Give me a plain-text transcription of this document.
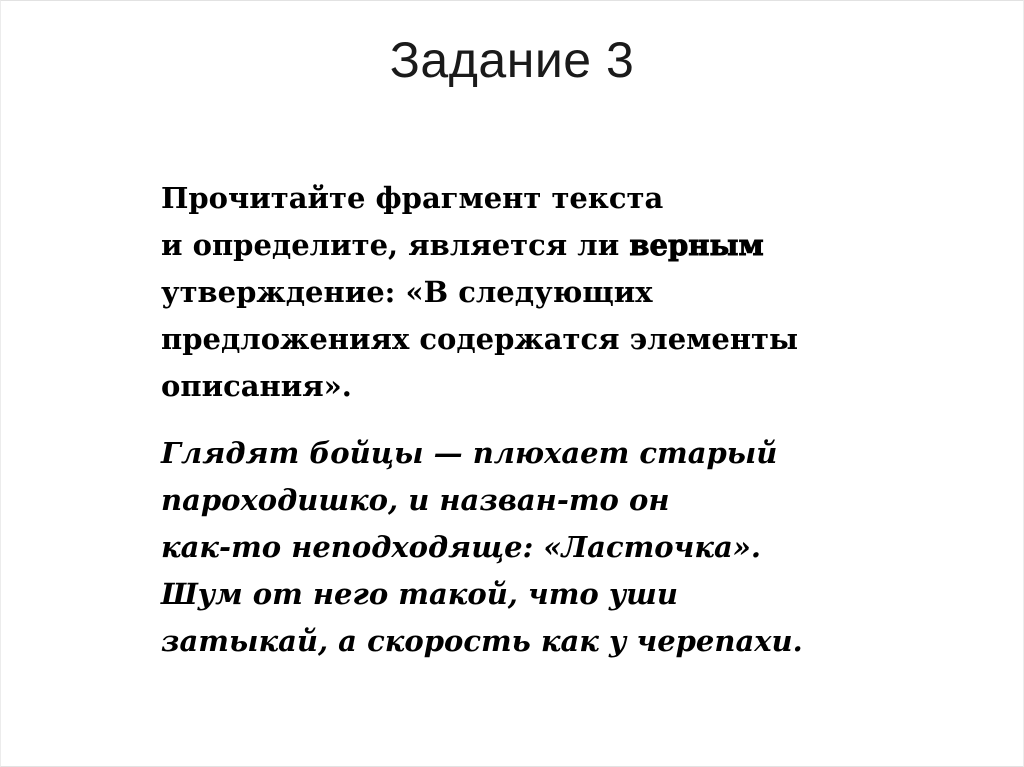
Задание 3
Прочитайте фрагмент текста
и определите, является ли верным
утверждение: «В следующих
предложениях содержатся элементы
описания».
Глядят бойцы — плюхает старый
пароходишко, и назван-то он
как-то неподходяще: «Ласточка».
Шум от него такой, что уши
затыкай, а скорость как у черепахи.
